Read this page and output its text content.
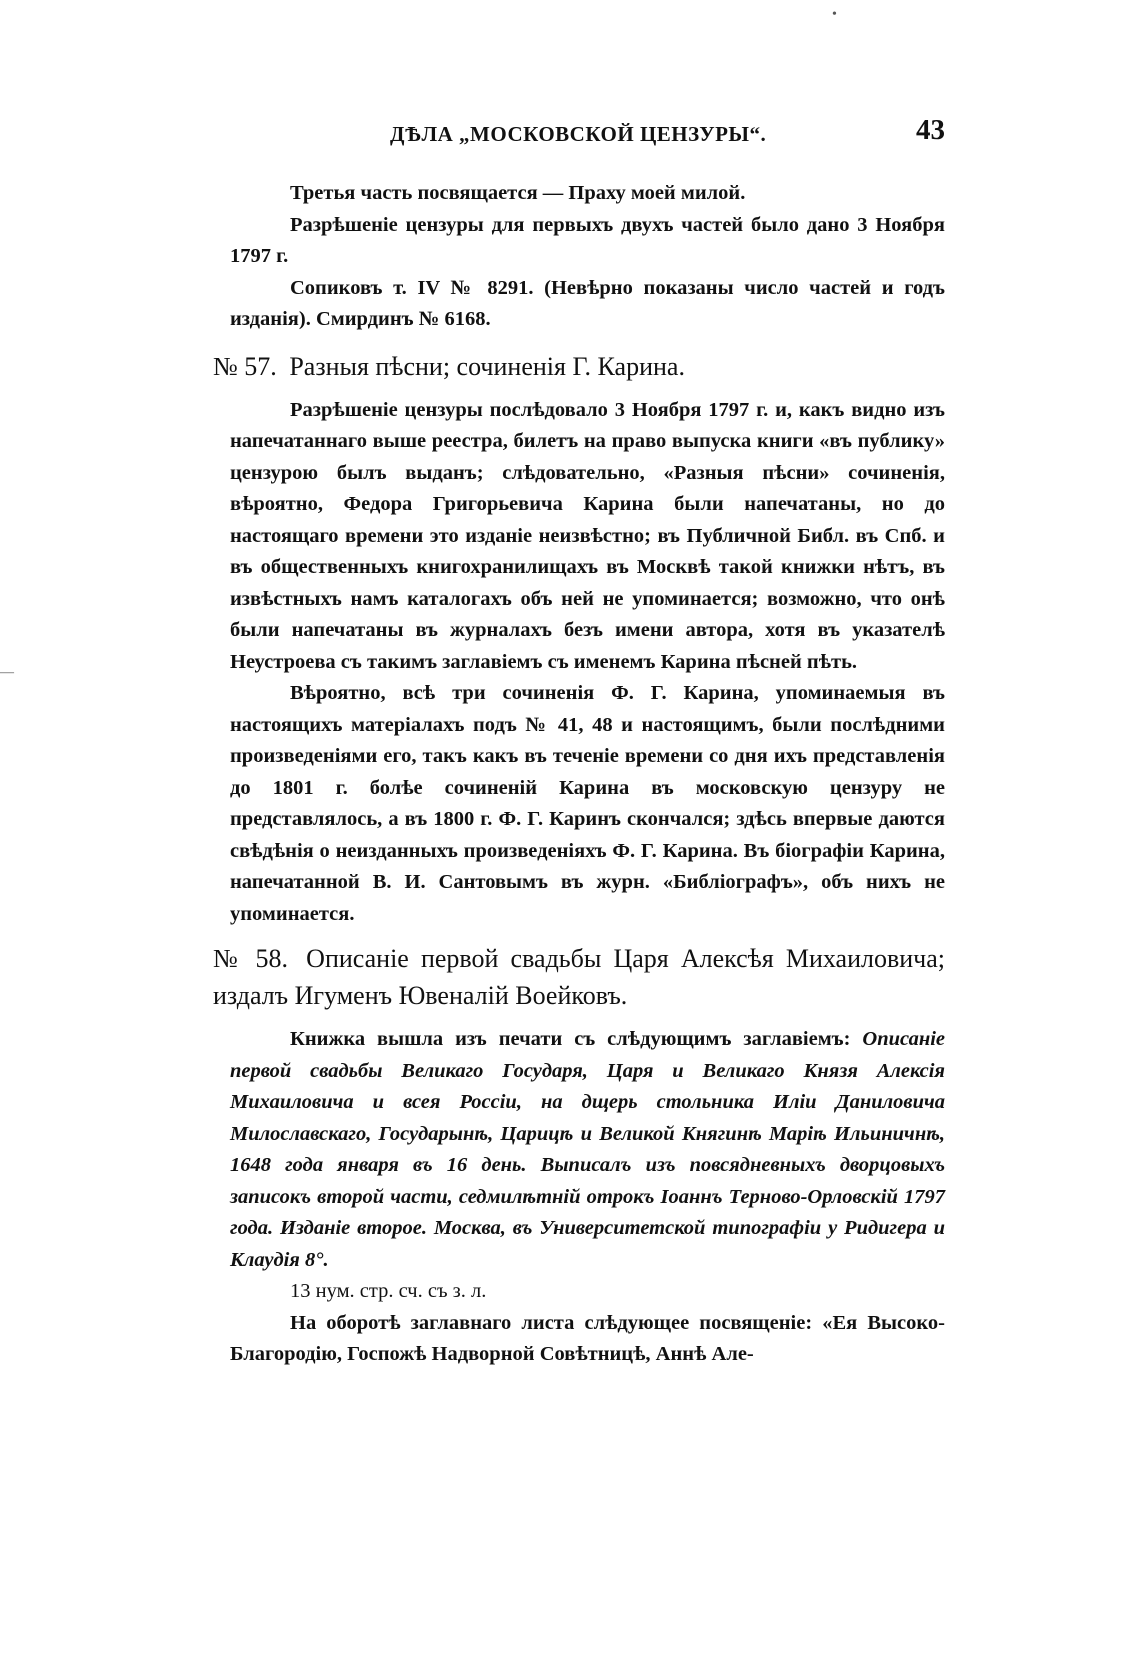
•
—
ДѢЛА „МОСКОВСКОЙ ЦЕНЗУРЫ“.	43

Третья часть посвящается — Праху моей милой.

Разрѣшеніе цензуры для первыхъ двухъ частей было дано 3 Ноября 1797 г.

Сопиковъ т. IV № 8291. (Невѣрно показаны число частей и годъ изданія). Смирдинъ № 6168.

№ 57. Разныя пѣсни; сочиненія Г. Карина.

Разрѣшеніе цензуры послѣдовало 3 Ноября 1797 г. и, какъ видно изъ напечатаннаго выше реестра, билетъ на право выпуска книги «въ публику» цензурою былъ выданъ; слѣдовательно, «Разныя пѣсни» сочиненія, вѣроятно, Федора Григорьевича Карина были напечатаны, но до настоящаго времени это изданіе неизвѣстно; въ Публичной Библ. въ Спб. и въ общественныхъ книгохранилищахъ въ Москвѣ такой книжки нѣтъ, въ извѣстныхъ намъ каталогахъ объ ней не упоминается; возможно, что онѣ были напечатаны въ журналахъ безъ имени автора, хотя въ указателѣ Неустроева съ такимъ заглавіемъ съ именемъ Карина пѣсней пѣть.

Вѣроятно, всѣ три сочиненія Ф. Г. Карина, упоминаемыя въ настоящихъ матеріалахъ подъ № 41, 48 и настоящимъ, были послѣдними произведеніями его, такъ какъ въ теченіе времени со дня ихъ представленія до 1801 г. болѣе сочиненій Карина въ московскую цензуру не представлялось, а въ 1800 г. Ф. Г. Каринъ скончался; здѣсь впервые даются свѣдѣнія о неизданныхъ произведеніяхъ Ф. Г. Карина. Въ біографіи Карина, напечатанной В. И. Сантовымъ въ журн. «Библіографъ», объ нихъ не упоминается.

№ 58. Описаніе первой свадьбы Царя Алексѣя Михаиловича; издалъ Игуменъ Ювеналій Воейковъ.

Книжка вышла изъ печати съ слѣдующимъ заглавіемъ: Описаніе первой свадьбы Великаго Государя, Царя и Великаго Князя Алексія Михаиловича и всея Россіи, на дщерь стольника Иліи Даниловича Милославскаго, Государынѣ, Царицѣ и Великой Княгинѣ Маріѣ Ильиничнѣ, 1648 года января въ 16 день. Выписалъ изъ повсядневныхъ дворцовыхъ записокъ второй части, седмилѣтній отрокъ Іоаннъ Терново-Орловскій 1797 года. Изданіе второе. Москва, въ Университетской типографіи у Ридигера и Клаудія 8°.

13 нум. стр. сч. съ з. л.

На оборотѣ заглавнаго листа слѣдующее посвященіе: «Ея Высоко-Благородію, Госпожѣ Надворной Совѣтницѣ, Аннѣ Але-
